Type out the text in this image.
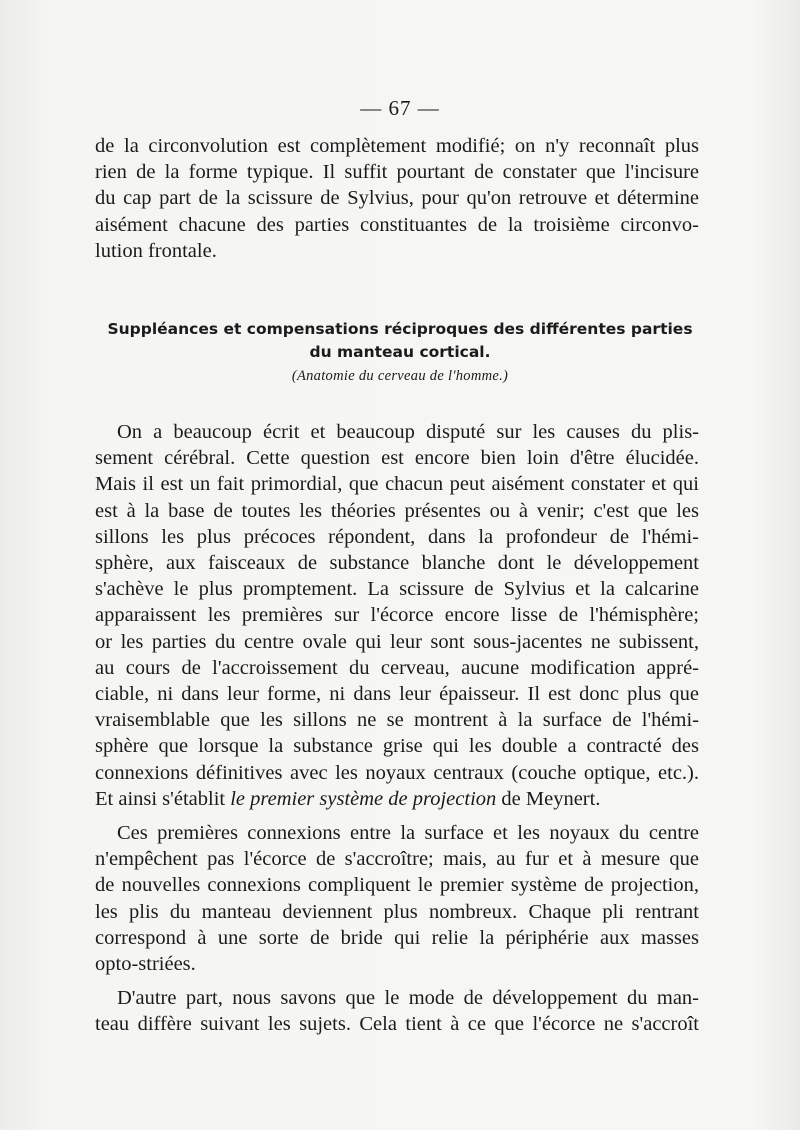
— 67 —
de la circonvolution est complètement modifié; on n'y reconnaît plus
rien de la forme typique. Il suffit pourtant de constater que l'incisure
du cap part de la scissure de Sylvius, pour qu'on retrouve et détermine
aisément chacune des parties constituantes de la troisième circonvo-
lution frontale.
Suppléances et compensations réciproques des différentes parties
du manteau cortical.
(Anatomie du cerveau de l'homme.)
On a beaucoup écrit et beaucoup disputé sur les causes du plis-
sement cérébral. Cette question est encore bien loin d'être élucidée.
Mais il est un fait primordial, que chacun peut aisément constater et qui
est à la base de toutes les théories présentes ou à venir; c'est que les
sillons les plus précoces répondent, dans la profondeur de l'hémi-
sphère, aux faisceaux de substance blanche dont le développement
s'achève le plus promptement. La scissure de Sylvius et la calcarine
apparaissent les premières sur l'écorce encore lisse de l'hémisphère;
or les parties du centre ovale qui leur sont sous-jacentes ne subissent,
au cours de l'accroissement du cerveau, aucune modification appré-
ciable, ni dans leur forme, ni dans leur épaisseur. Il est donc plus que
vraisemblable que les sillons ne se montrent à la surface de l'hémi-
sphère que lorsque la substance grise qui les double a contracté des
connexions définitives avec les noyaux centraux (couche optique, etc.).
Et ainsi s'établit le premier système de projection de Meynert.
Ces premières connexions entre la surface et les noyaux du centre
n'empêchent pas l'écorce de s'accroître; mais, au fur et à mesure que
de nouvelles connexions compliquent le premier système de projection,
les plis du manteau deviennent plus nombreux. Chaque pli rentrant
correspond à une sorte de bride qui relie la périphérie aux masses
opto-striées.
D'autre part, nous savons que le mode de développement du man-
teau diffère suivant les sujets. Cela tient à ce que l'écorce ne s'accroît
